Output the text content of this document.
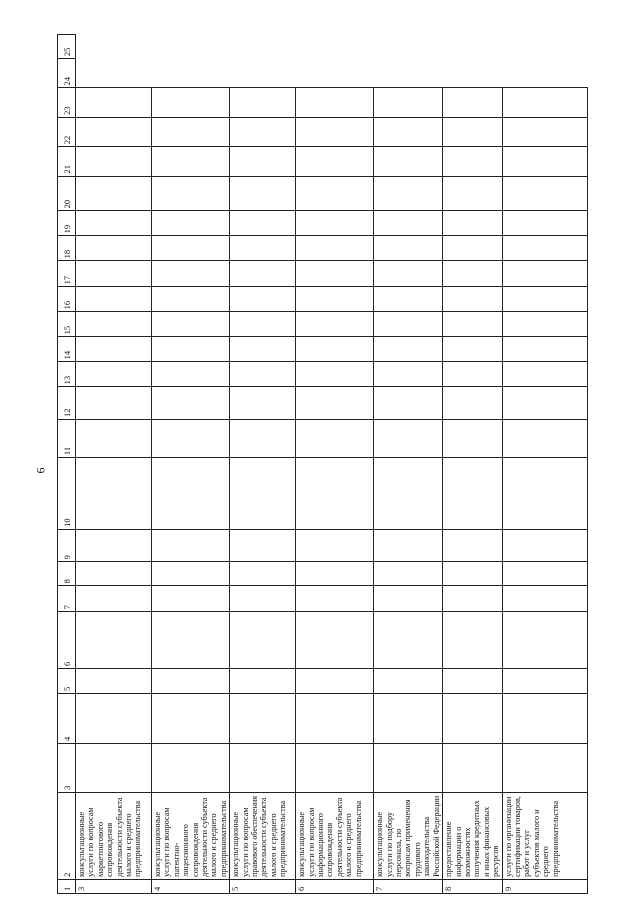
6
1	2	3	4	5	6	7	8	9	10	11	12	13	14	15	16	17	18	19	20	21	22	23	24	25
3	консультационные услуги по вопросам маркетингового сопровождения деятельности субъекта малого и среднего предпринимательства																							
4	консультационные услуги по вопросам патентно-лицензионного сопровождения деятельности субъекта малого и среднего предпринимательства																							
5	консультационные услуги по вопросам правового обеспечения деятельности субъекта малого и среднего предпринимательства																							
6	консультационные услуги по вопросам информационного сопровождения деятельности субъекта малого и среднего предпринимательства																							
7	консультационные услуги по подбору персонала, по вопросам применения трудового законодательства Российской Федерации																							
8	предоставление информации о возможностях получения кредитных и иных финансовых ресурсов																							
9	услуги по организации сертификации товаров, работ и услуг субъектов малого и среднего предпринимательства																							
